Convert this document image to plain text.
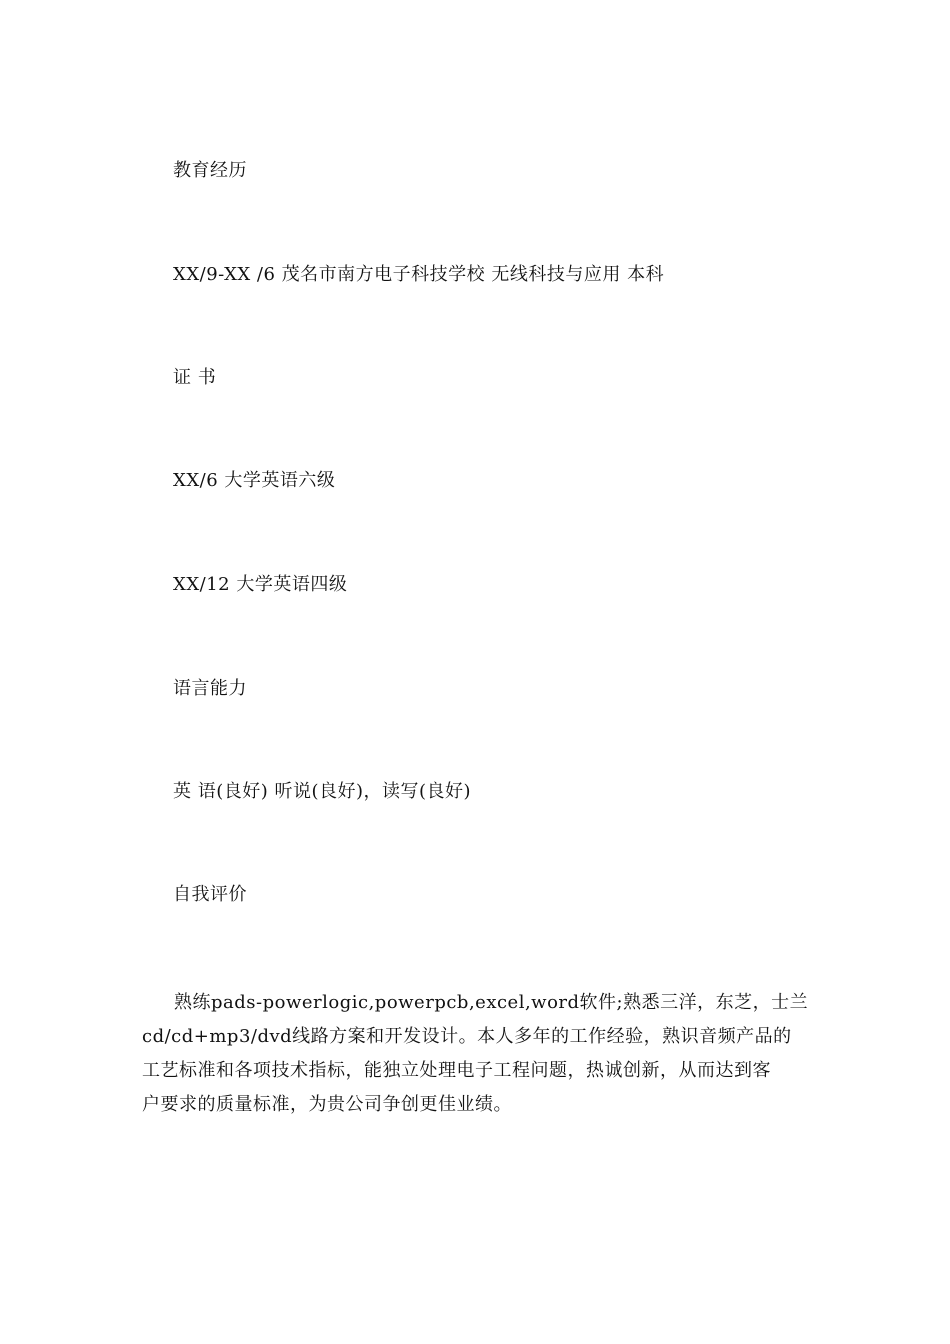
教育经历
XX/9-XX /6 茂名市南方电子科技学校 无线科技与应用 本科
证 书
XX/6 大学英语六级
XX/12 大学英语四级
语言能力
英 语(良好) 听说(良好)，读写(良好)
自我评价
熟练pads-powerlogic,powerpcb,excel,word软件;熟悉三洋，东芝，士兰
cd/cd+mp3/dvd线路方案和开发设计。本人多年的工作经验，熟识音频产品的
工艺标准和各项技术指标，能独立处理电子工程问题，热诚创新，从而达到客
户要求的质量标准，为贵公司争创更佳业绩。
